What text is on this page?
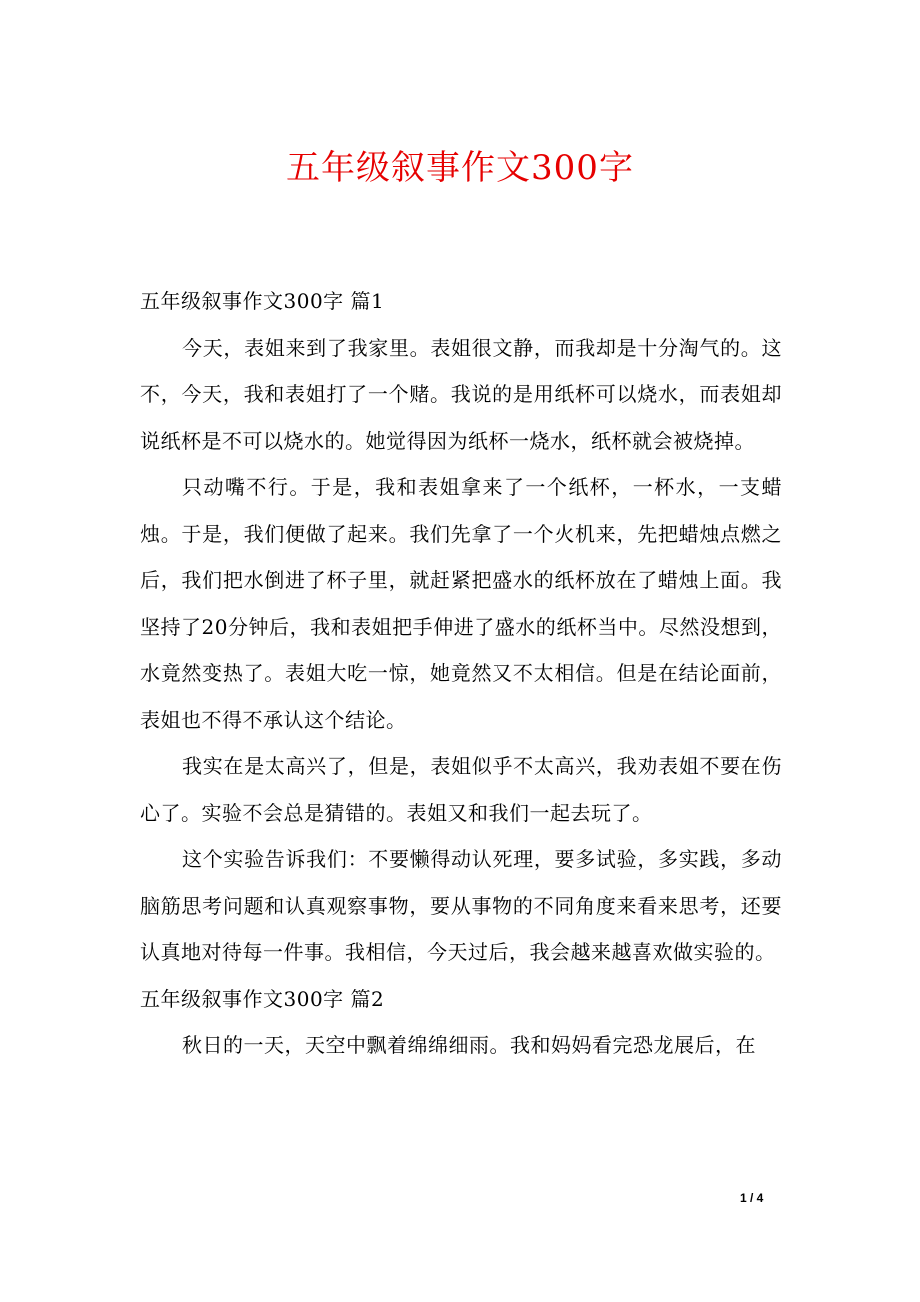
五年级叙事作文300字

五年级叙事作文300字 篇1

今天，表姐来到了我家里。表姐很文静，而我却是十分淘气的。这不，今天，我和表姐打了一个赌。我说的是用纸杯可以烧水，而表姐却说纸杯是不可以烧水的。她觉得因为纸杯一烧水，纸杯就会被烧掉。

只动嘴不行。于是，我和表姐拿来了一个纸杯，一杯水，一支蜡烛。于是，我们便做了起来。我们先拿了一个火机来，先把蜡烛点燃之后，我们把水倒进了杯子里，就赶紧把盛水的纸杯放在了蜡烛上面。我坚持了20分钟后，我和表姐把手伸进了盛水的纸杯当中。尽然没想到，水竟然变热了。表姐大吃一惊，她竟然又不太相信。但是在结论面前，表姐也不得不承认这个结论。

我实在是太高兴了，但是，表姐似乎不太高兴，我劝表姐不要在伤心了。实验不会总是猜错的。表姐又和我们一起去玩了。

这个实验告诉我们：不要懒得动认死理，要多试验，多实践，多动脑筋思考问题和认真观察事物，要从事物的不同角度来看来思考，还要认真地对待每一件事。我相信，今天过后，我会越来越喜欢做实验的。

五年级叙事作文300字 篇2

秋日的一天，天空中飘着绵绵细雨。我和妈妈看完恐龙展后，在

1 / 4
